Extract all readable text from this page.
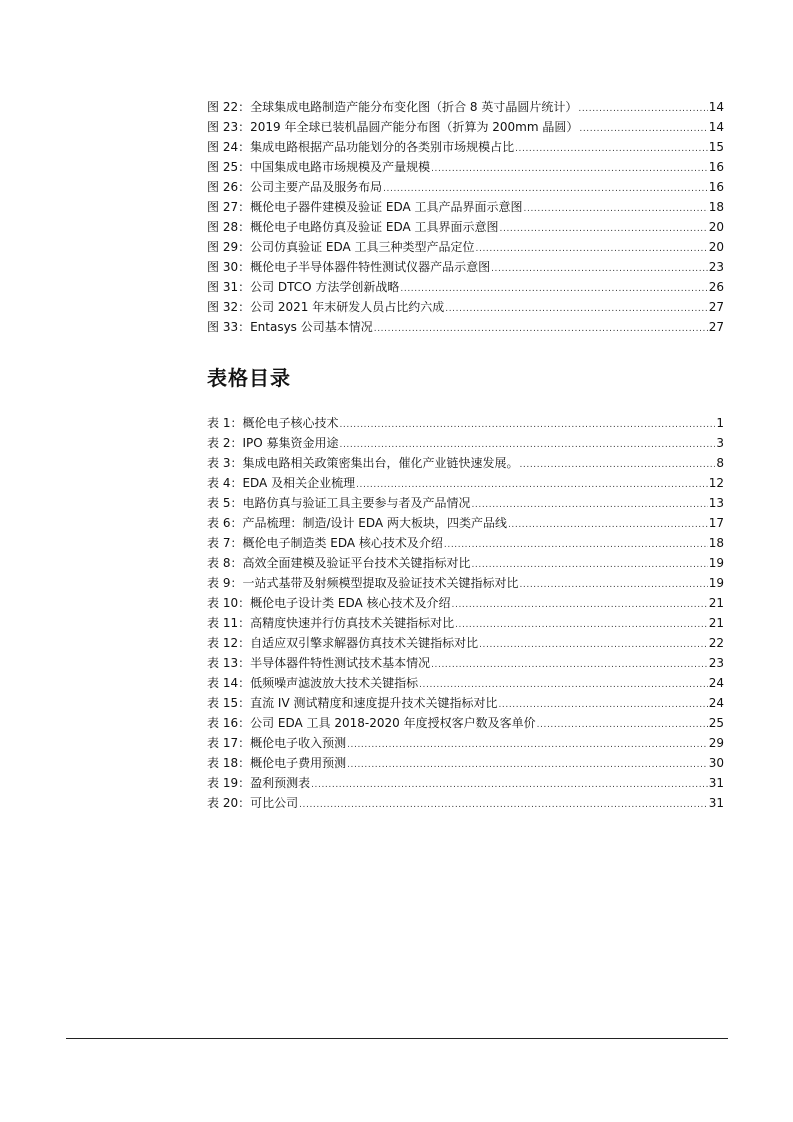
图 22：全球集成电路制造产能分布变化图（折合 8 英寸晶圆片统计） .....	14
图 23：2019 年全球已装机晶圆产能分布图（折算为 200mm 晶圆） .....	14
图 24：集成电路根据产品功能划分的各类别市场规模占比 .....	15
图 25：中国集成电路市场规模及产量规模 .....	16
图 26：公司主要产品及服务布局 .....	16
图 27：概伦电子器件建模及验证 EDA 工具产品界面示意图 .....	18
图 28：概伦电子电路仿真及验证 EDA 工具界面示意图 .....	20
图 29：公司仿真验证 EDA 工具三种类型产品定位 .....	20
图 30：概伦电子半导体器件特性测试仪器产品示意图 .....	23
图 31：公司 DTCO 方法学创新战略 .....	26
图 32：公司 2021 年末研发人员占比约六成 .....	27
图 33：Entasys 公司基本情况 .....	27
表格目录
表 1：概伦电子核心技术 .....	1
表 2：IPO 募集资金用途 .....	3
表 3：集成电路相关政策密集出台，催化产业链快速发展。 .....	8
表 4：EDA 及相关企业梳理 .....	12
表 5：电路仿真与验证工具主要参与者及产品情况 .....	13
表 6：产品梳理：制造/设计 EDA 两大板块，四类产品线 .....	17
表 7：概伦电子制造类 EDA 核心技术及介绍 .....	18
表 8：高效全面建模及验证平台技术关键指标对比 .....	19
表 9：一站式基带及射频模型提取及验证技术关键指标对比 .....	19
表 10：概伦电子设计类 EDA 核心技术及介绍 .....	21
表 11：高精度快速并行仿真技术关键指标对比 .....	21
表 12：自适应双引擎求解器仿真技术关键指标对比 .....	22
表 13：半导体器件特性测试技术基本情况 .....	23
表 14：低频噪声滤波放大技术关键指标 .....	24
表 15：直流 IV 测试精度和速度提升技术关键指标对比 .....	24
表 16：公司 EDA 工具 2018-2020 年度授权客户数及客单价 .....	25
表 17：概伦电子收入预测 .....	29
表 18：概伦电子费用预测 .....	30
表 19：盈利预测表 .....	31
表 20：可比公司 .....	31
